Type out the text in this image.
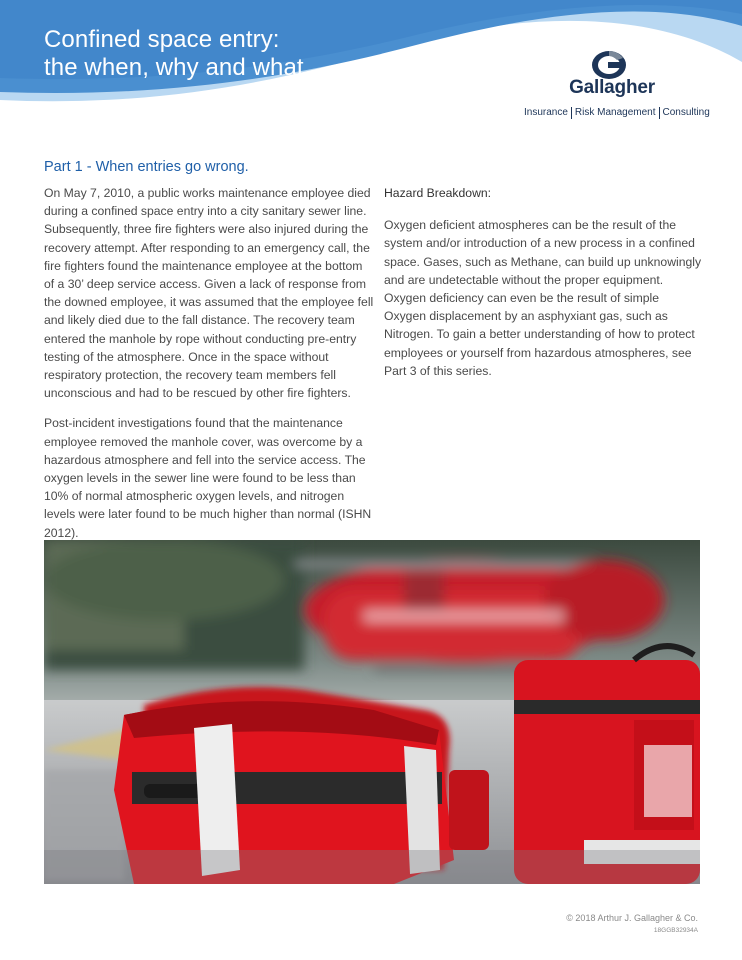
Confined space entry:
the when, why and what.
Gallagher
Insurance Risk Management Consulting
Part 1 - When entries go wrong.

On May 7, 2010, a public works maintenance employee died during a confined space entry into a city sanitary sewer line. Subsequently, three fire fighters were also injured during the recovery attempt. After responding to an emergency call, the fire fighters found the maintenance employee at the bottom of a 30’ deep service access. Given a lack of response from the downed employee, it was assumed that the employee fell and likely died due to the fall distance. The recovery team entered the manhole by rope without conducting pre-entry testing of the atmosphere. Once in the space without respiratory protection, the recovery team members fell unconscious and had to be rescued by other fire fighters.

Post-incident investigations found that the maintenance employee removed the manhole cover, was overcome by a hazardous atmosphere and fell into the service access. The oxygen levels in the sewer line were found to be less than 10% of normal atmospheric oxygen levels, and nitrogen levels were later found to be much higher than normal (ISHN 2012).

Hazard Breakdown:

Oxygen deficient atmospheres can be the result of the system and/or introduction of a new process in a confined space. Gases, such as Methane, can build up unknowingly and are undetectable without the proper equipment. Oxygen deficiency can even be the result of simple Oxygen displacement by an asphyxiant gas, such as Nitrogen. To gain a better understanding of how to protect employees or yourself from hazardous atmospheres, see Part 3 of this series.

© 2018 Arthur J. Gallagher & Co.
18GGB32934A
